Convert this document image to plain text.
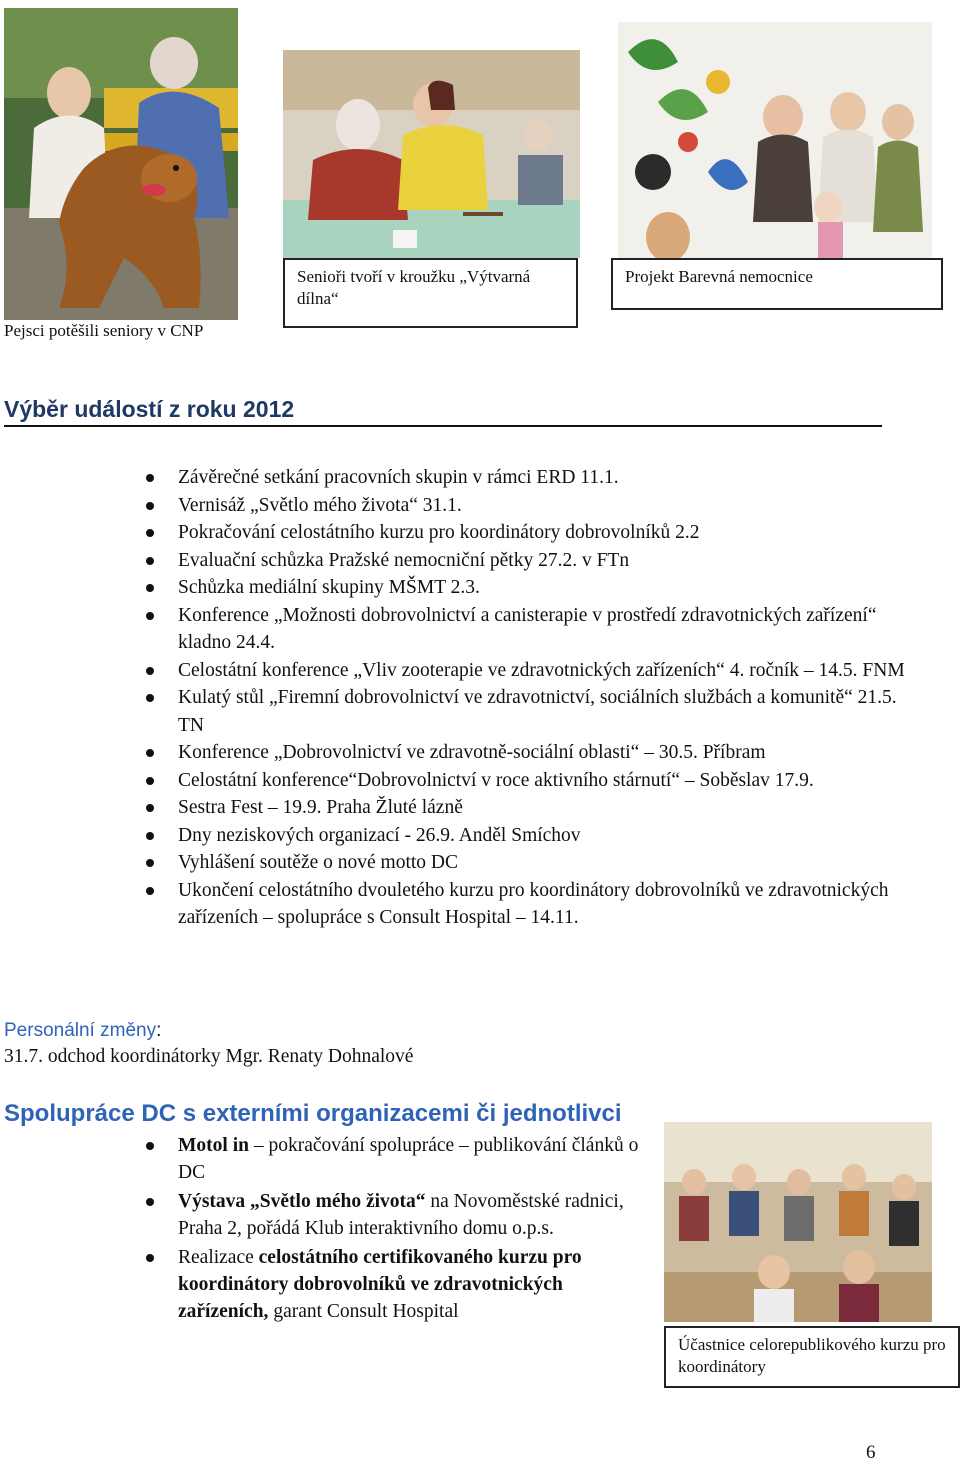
Pejsci potěšili seniory v CNP
Senioři tvoří v kroužku „Výtvarná dílna“
Projekt Barevná nemocnice
Výběr událostí z roku 2012
Závěrečné setkání pracovních skupin v rámci ERD 11.1.
Vernisáž „Světlo mého života“ 31.1.
Pokračování celostátního kurzu pro koordinátory dobrovolníků 2.2
Evaluační schůzka Pražské nemocniční pětky 27.2. v FTn
Schůzka mediální skupiny MŠMT 2.3.
Konference „Možnosti dobrovolnictví a canisterapie v prostředí zdravotnických zařízení“ kladno 24.4.
Celostátní konference „Vliv zooterapie ve zdravotnických zařízeních“ 4. ročník – 14.5. FNM
Kulatý stůl „Firemní dobrovolnictví ve zdravotnictví, sociálních službách a komunitě“ 21.5. TN
Konference „Dobrovolnictví ve zdravotně-sociální oblasti“ – 30.5. Příbram
Celostátní konference“Dobrovolnictví v roce aktivního stárnutí“ – Soběslav 17.9.
Sestra Fest – 19.9. Praha Žluté lázně
Dny neziskových organizací - 26.9. Anděl Smíchov
Vyhlášení soutěže o nové motto DC
Ukončení celostátního dvouletého kurzu pro koordinátory dobrovolníků ve zdravotnických zařízeních – spolupráce s Consult Hospital – 14.11.
Personální změny:
31.7. odchod koordinátorky Mgr. Renaty Dohnalové
Spolupráce DC s externími organizacemi či jednotlivci
Motol in – pokračování spolupráce – publikování článků o DC
Výstava „Světlo mého života“ na Novoměstské radnici, Praha 2, pořádá Klub interaktivního domu o.p.s.
Realizace celostátního certifikovaného kurzu pro koordinátory dobrovolníků ve zdravotnických zařízeních, garant Consult Hospital
Účastnice celorepublikového kurzu pro koordinátory
6
